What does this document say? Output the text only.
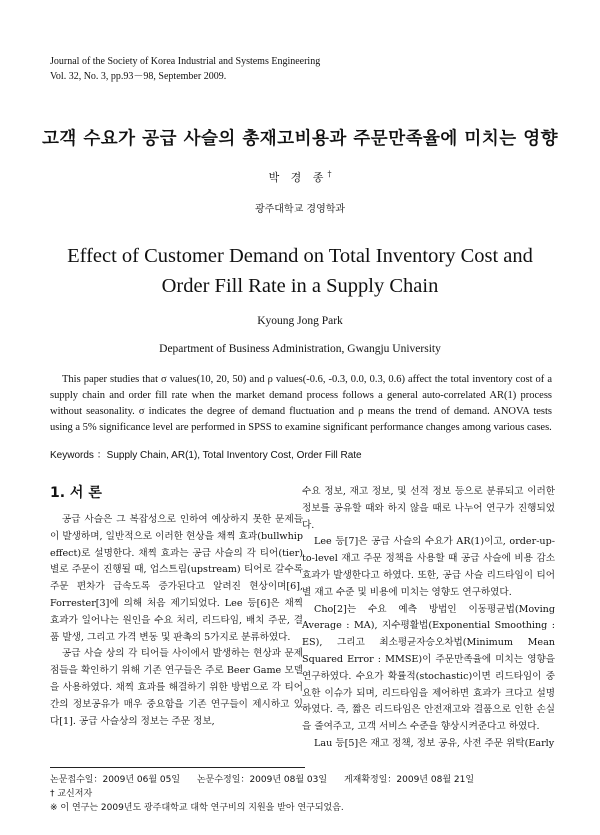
Journal of the Society of Korea Industrial and Systems Engineering
Vol. 32, No. 3, pp.93－98, September 2009.
고객 수요가 공급 사슬의 총재고비용과 주문만족율에 미치는 영향
박 경 종†
광주대학교 경영학과
Effect of Customer Demand on Total Inventory Cost and
Order Fill Rate in a Supply Chain
Kyoung Jong Park
Department of Business Administration, Gwangju University
This paper studies that σ values(10, 20, 50) and ρ values(-0.6, -0.3, 0.0, 0.3, 0.6) affect the total inventory cost of a supply chain and order fill rate when the market demand process follows a general auto-correlated AR(1) process without seasonality. σ indicates the degree of demand fluctuation and ρ means the trend of demand. ANOVA tests using a 5% significance level are performed in SPSS to examine significant performance changes among various cases.
Keywords ：Supply Chain, AR(1), Total Inventory Cost, Order Fill Rate
1. 서 론

공급 사슬은 그 복잡성으로 인하여 예상하지 못한 문제들이 발생하며, 일반적으로 이러한 현상을 채찍 효과(bullwhip effect)로 설명한다. 채찍 효과는 공급 사슬의 각 티어(tier) 별로 주문이 진행될 때, 업스트림(upstream) 티어로 갈수록 주문 편차가 급속도록 증가된다고 알려진 현상이며[6], Forrester[3]에 의해 처음 제기되었다. Lee 등[6]은 채찍 효과가 일어나는 원인을 수요 처리, 리드타임, 배치 주문, 결품 발생, 그리고 가격 변동 및 판촉의 5가지로 분류하였다.

공급 사슬 상의 각 티어들 사이에서 발생하는 현상과 문제점들을 확인하기 위해 기존 연구들은 주로 Beer Game 모델을 사용하였다. 채찍 효과를 해결하기 위한 방법으로 각 티어 간의 정보공유가 매우 중요함을 기존 연구들이 제시하고 있다[1]. 공급 사슬상의 정보는 주문 정보,

수요 정보, 재고 정보, 및 선적 정보 등으로 분류되고 이러한 정보를 공유할 때와 하지 않을 때로 나누어 연구가 진행되었다.

Lee 등[7]은 공급 사슬의 수요가 AR(1)이고, order-up-to-level 재고 주문 정책을 사용할 때 공급 사슬에 비용 감소 효과가 발생한다고 하였다. 또한, 공급 사슬 리드타임이 티어별 재고 수준 및 비용에 미치는 영향도 연구하였다.

Cho[2]는 수요 예측 방법인 이동평균법(Moving Average : MA), 지수평활법(Exponential Smoothing : ES), 그리고 최소평균자승오차법(Minimum Mean Squared Error : MMSE)이 주문만족율에 미치는 영향을 연구하였다. 수요가 확률적(stochastic)이면 리드타임이 중요한 이슈가 되며, 리드타임을 제어하면 효과가 크다고 설명하였다. 즉, 짧은 리드타임은 안전재고와 결품으로 인한 손실을 줄여주고, 고객 서비스 수준을 향상시켜준다고 하였다.

Lau 등[5]은 재고 정책, 정보 공유, 사전 주문 위탁(Early

논문접수일：2009년 06월 05일 논문수정일：2009년 08월 03일 게재확정일：2009년 08월 21일
† 교신저자
※ 이 연구는 2009년도 광주대학교 대학 연구비의 지원을 받아 연구되었음.
